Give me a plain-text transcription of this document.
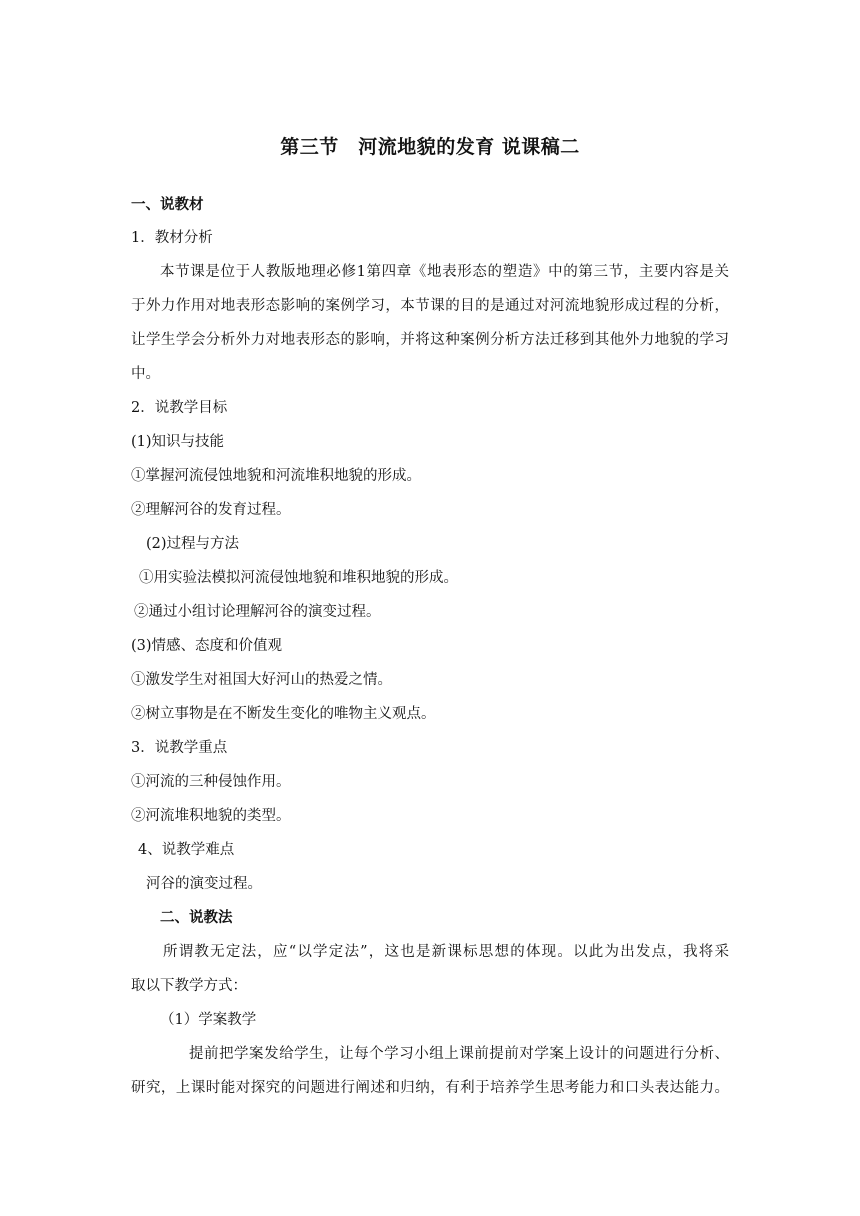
第三节　河流地貌的发育 说课稿二
一、说教材
1．教材分析
本节课是位于人教版地理必修1第四章《地表形态的塑造》中的第三节，主要内容是关
于外力作用对地表形态影响的案例学习，本节课的目的是通过对河流地貌形成过程的分析，
让学生学会分析外力对地表形态的影响，并将这种案例分析方法迁移到其他外力地貌的学习
中。
2．说教学目标
(1)知识与技能
①掌握河流侵蚀地貌和河流堆积地貌的形成。
②理解河谷的发育过程。
(2)过程与方法
①用实验法模拟河流侵蚀地貌和堆积地貌的形成。
②通过小组讨论理解河谷的演变过程。
(3)情感、态度和价值观
①激发学生对祖国大好河山的热爱之情。
②树立事物是在不断发生变化的唯物主义观点。
3．说教学重点
①河流的三种侵蚀作用。
②河流堆积地貌的类型。
4、说教学难点
河谷的演变过程。
二、说教法
所谓教无定法，应“以学定法”，这也是新课标思想的体现。以此为出发点，我将采
取以下教学方式：
（1）学案教学
提前把学案发给学生，让每个学习小组上课前提前对学案上设计的问题进行分析、
研究，上课时能对探究的问题进行阐述和归纳，有利于培养学生思考能力和口头表达能力。
